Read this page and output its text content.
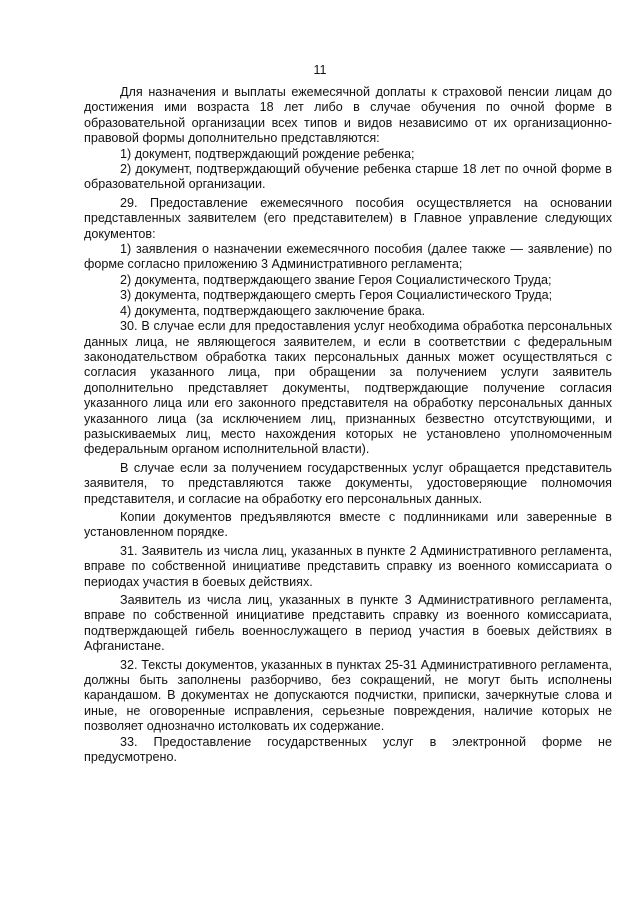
11

Для назначения и выплаты ежемесячной доплаты к страховой пенсии лицам до достижения ими возраста 18 лет либо в случае обучения по очной форме в образовательной организации всех типов и видов независимо от их организационно-правовой формы дополнительно представляются:

1) документ, подтверждающий рождение ребенка;

2) документ, подтверждающий обучение ребенка старше 18 лет по очной форме в образовательной организации.

29. Предоставление ежемесячного пособия осуществляется на основании представленных заявителем (его представителем) в Главное управление следующих документов:

1) заявления о назначении ежемесячного пособия (далее также — заявление) по форме согласно приложению 3 Административного регламента;

2) документа, подтверждающего звание Героя Социалистического Труда;

3) документа, подтверждающего смерть Героя Социалистического Труда;

4) документа, подтверждающего заключение брака.

30. В случае если для предоставления услуг необходима обработка персональных данных лица, не являющегося заявителем, и если в соответствии с федеральным законодательством обработка таких персональных данных может осуществляться с согласия указанного лица, при обращении за получением услуги заявитель дополнительно представляет документы, подтверждающие получение согласия указанного лица или его законного представителя на обработку персональных данных указанного лица (за исключением лиц, признанных безвестно отсутствующими, и разыскиваемых лиц, место нахождения которых не установлено уполномоченным федеральным органом исполнительной власти).

В случае если за получением государственных услуг обращается представитель заявителя, то представляются также документы, удостоверяющие полномочия представителя, и согласие на обработку его персональных данных.

Копии документов предъявляются вместе с подлинниками или заверенные в установленном порядке.

31. Заявитель из числа лиц, указанных в пункте 2 Административного регламента, вправе по собственной инициативе представить справку из военного комиссариата о периодах участия в боевых действиях.

Заявитель из числа лиц, указанных в пункте 3 Административного регламента, вправе по собственной инициативе представить справку из военного комиссариата, подтверждающей гибель военнослужащего в период участия в боевых действиях в Афганистане.

32. Тексты документов, указанных в пунктах 25-31 Административного регламента, должны быть заполнены разборчиво, без сокращений, не могут быть исполнены карандашом. В документах не допускаются подчистки, приписки, зачеркнутые слова и иные, не оговоренные исправления, серьезные повреждения, наличие которых не позволяет однозначно истолковать их содержание.

33. Предоставление государственных услуг в электронной форме не предусмотрено.
